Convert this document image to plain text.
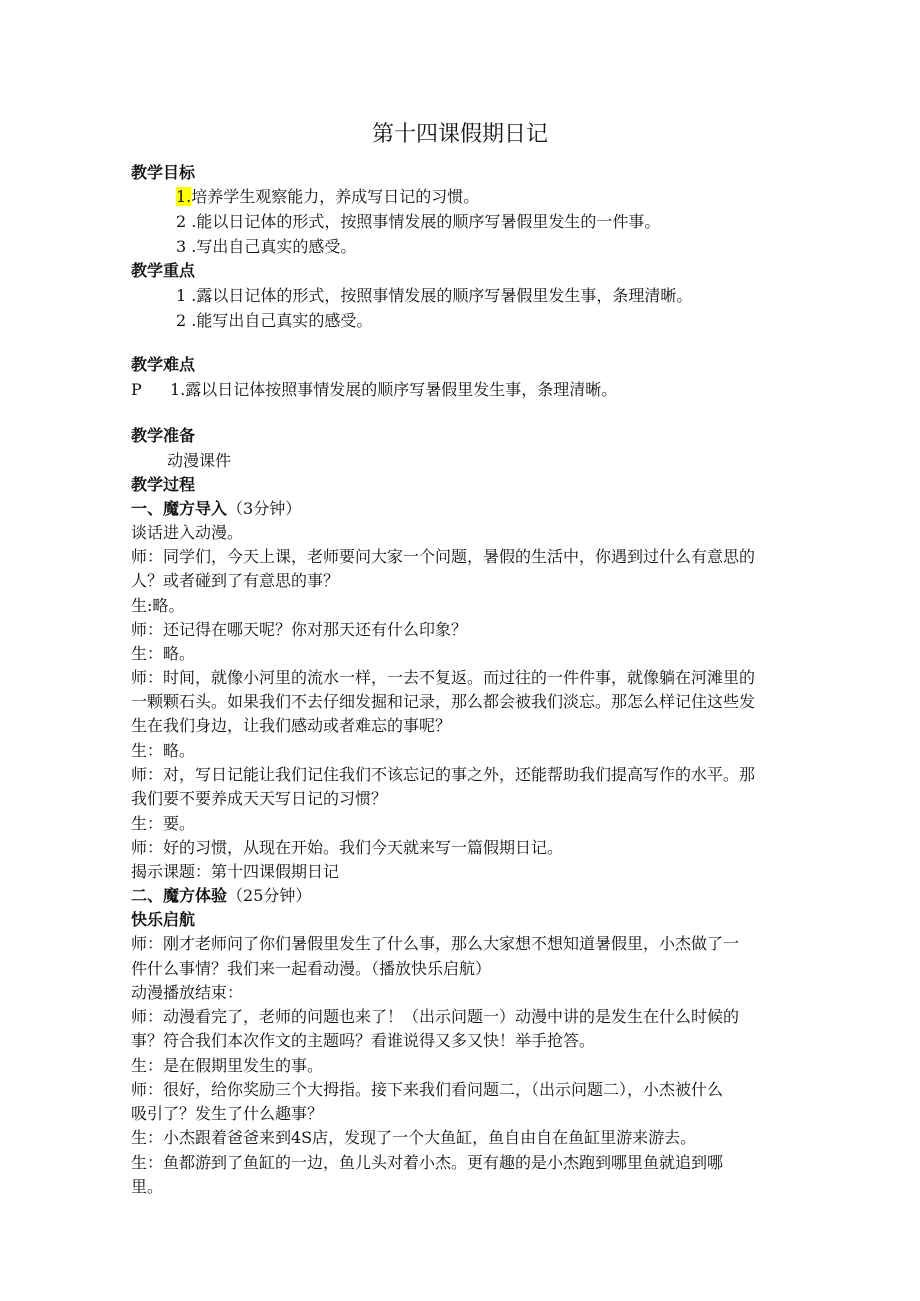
第十四课假期日记
教学目标
1.培养学生观察能力，养成写日记的习惯。
2 .能以日记体的形式，按照事情发展的顺序写暑假里发生的一件事。
3 .写出自己真实的感受。
教学重点
1 .露以日记体的形式，按照事情发展的顺序写暑假里发生事，条理清晰。
2 .能写出自己真实的感受。
教学难点
P 1.露以日记体按照事情发展的顺序写暑假里发生事，条理清晰。
教学准备
动漫课件
教学过程
一、魔方导入（3分钟）
谈话进入动漫。
师：同学们，今天上课，老师要问大家一个问题，暑假的生活中，你遇到过什么有意思的
人？或者碰到了有意思的事？
生:略。
师：还记得在哪天呢？你对那天还有什么印象？
生：略。
师：时间，就像小河里的流水一样，一去不复返。而过往的一件件事，就像躺在河滩里的
一颗颗石头。如果我们不去仔细发掘和记录，那么都会被我们淡忘。那怎么样记住这些发
生在我们身边，让我们感动或者难忘的事呢？
生：略。
师：对，写日记能让我们记住我们不该忘记的事之外，还能帮助我们提高写作的水平。那
我们要不要养成天天写日记的习惯？
生：要。
师：好的习惯，从现在开始。我们今天就来写一篇假期日记。
揭示课题：第十四课假期日记
二、魔方体验（25分钟）
快乐启航
师：刚才老师问了你们暑假里发生了什么事，那么大家想不想知道暑假里，小杰做了一
件什么事情？我们来一起看动漫。（播放快乐启航）
动漫播放结束：
师：动漫看完了，老师的问题也来了！（出示问题一）动漫中讲的是发生在什么时候的
事？符合我们本次作文的主题吗？看谁说得又多又快！举手抢答。
生：是在假期里发生的事。
师：很好，给你奖励三个大拇指。接下来我们看问题二，（出示问题二），小杰被什么
吸引了？发生了什么趣事？
生：小杰跟着爸爸来到4S店，发现了一个大鱼缸，鱼自由自在鱼缸里游来游去。
生：鱼都游到了鱼缸的一边，鱼儿头对着小杰。更有趣的是小杰跑到哪里鱼就追到哪
里。
